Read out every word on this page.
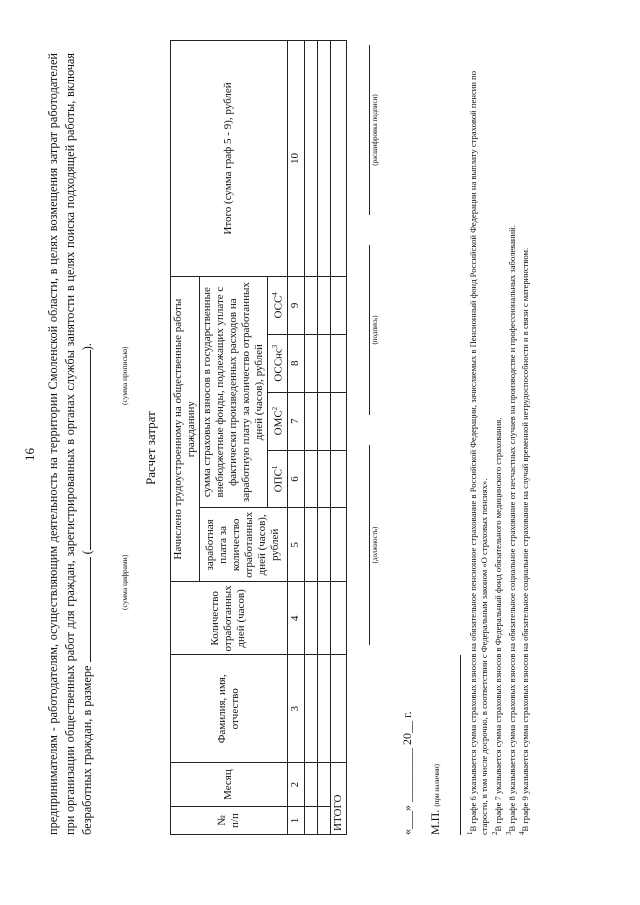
16 предпринимателям - работодателям, осуществляющим деятельность на территории Смоленской области, в целях возмещения затрат работодателей при организации общественных работ для граждан, зарегистрированных в органах службы занятости в целях поиска подходящей работы, включая безработных граждан, в размере  ().

(сумма цифрами)
(сумма прописью)
Расчет затрат
№ п/п	Месяц	Фамилия, имя, отчество	Количество отработанных дней (часов)	Начислено трудоустроенному на общественные работы гражданину					Итого (сумма граф 5 - 9), рублей
				заработная плата за количество отработанных дней (часов), рублей	сумма страховых взносов в государственные внебюджетные фонды, подлежащих уплате с фактически произведенных расходов на заработную плату за количество отработанных дней (часов), рублей				
					ОПС$^1$	ОМС$^2$	ОССнс$^3$	ОСС$^4$
1	2	3	4	5	6	7	8	9	10

ИТОГО									
(должность)
(подпись)
(расшифровка подписи)
«___» _________ 20__ г. М.П. (при наличии)

$^1$В графе 6 указывается сумма страховых взносов на обязательное пенсионное страхование в Российской Федерации, зачисляемых в Пенсионный фонд Российской Федерации на выплату страховой пенсии по старости, в том числе досрочно, в соответствии с Федеральным законом «О страховых пенсиях». $^2$В графе 7 указывается сумма страховых взносов в Федеральный фонд обязательного медицинского страхования.
$^3$В графе 8 указывается сумма страховых взносов на обязательное социальное страхование от несчастных случаев на производстве и профессиональных заболеваний.
$^4$В графе 9 указывается сумма страховых взносов на обязательное социальное страхование на случай временной нетрудоспособности и в связи с материнством.
